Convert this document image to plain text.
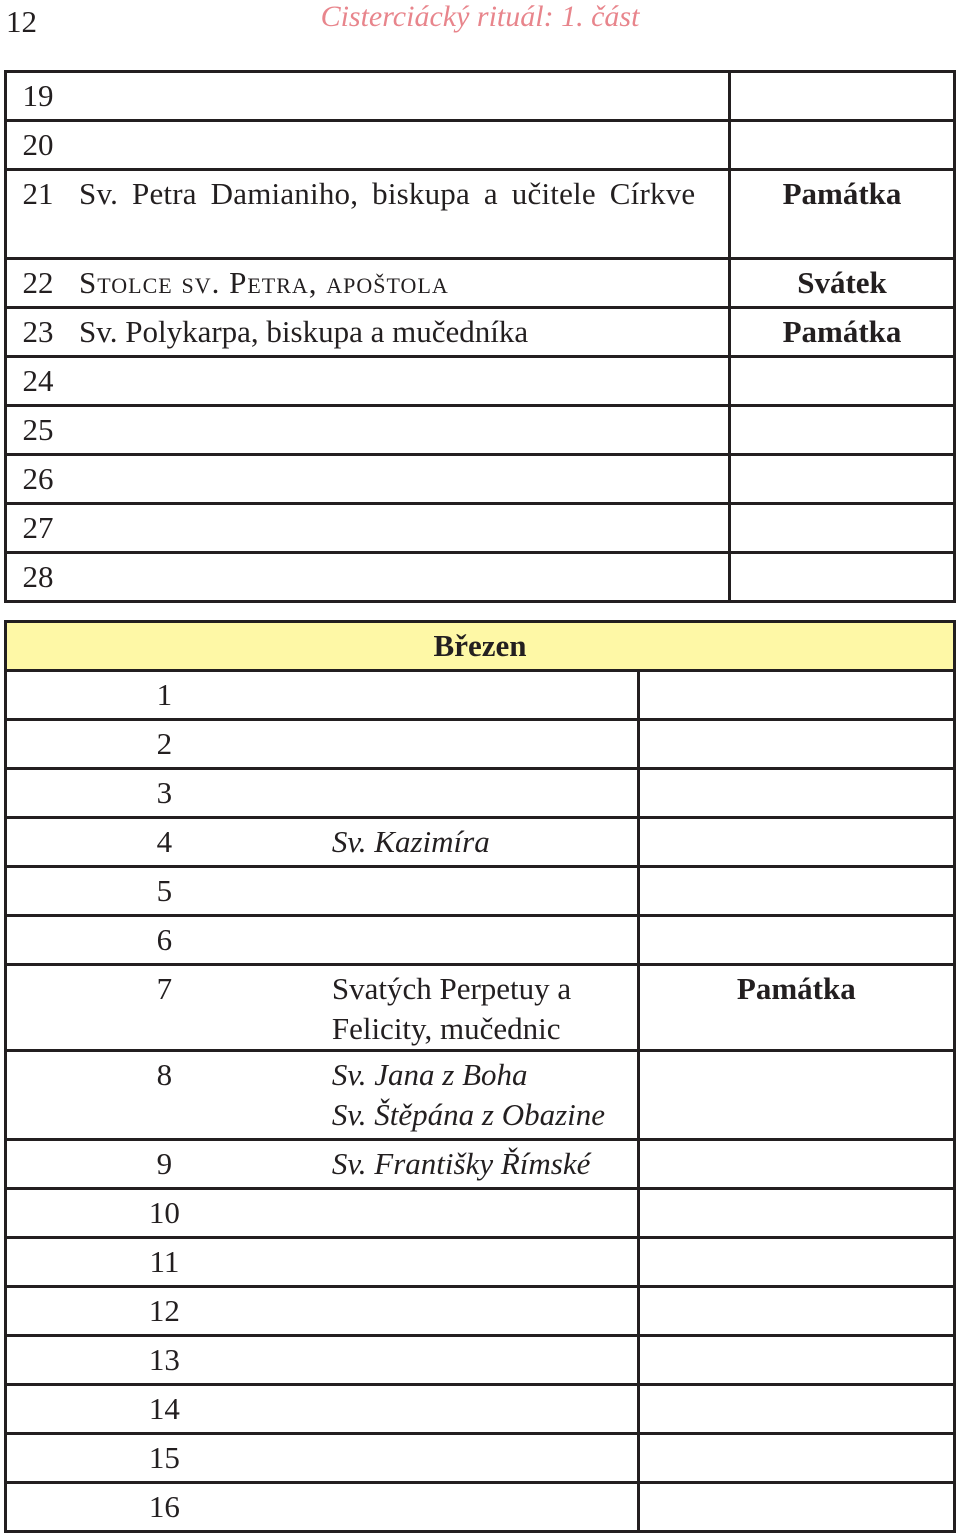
12	Cisterciácký rituál: 1. část
19		
20		
21	Sv. Petra Damianiho, biskupa a učitele Církve	Památka
22	Stolce sv. Petra, apoštola	Svátek
23	Sv. Polykarpa, biskupa a mučedníka	Památka
24		
25		
26		
27		
28		
Březen		
1		
2		
3		
4	Sv. Kazimíra	
5		
6		
7	Svatých Perpetuy a Felicity, mučednic	Památka
8	Sv. Jana z Boha
Sv. Štěpána z Obazine	

9	Sv. Františky Římské	
10		
11		
12		
13		
14		
15		
16		
